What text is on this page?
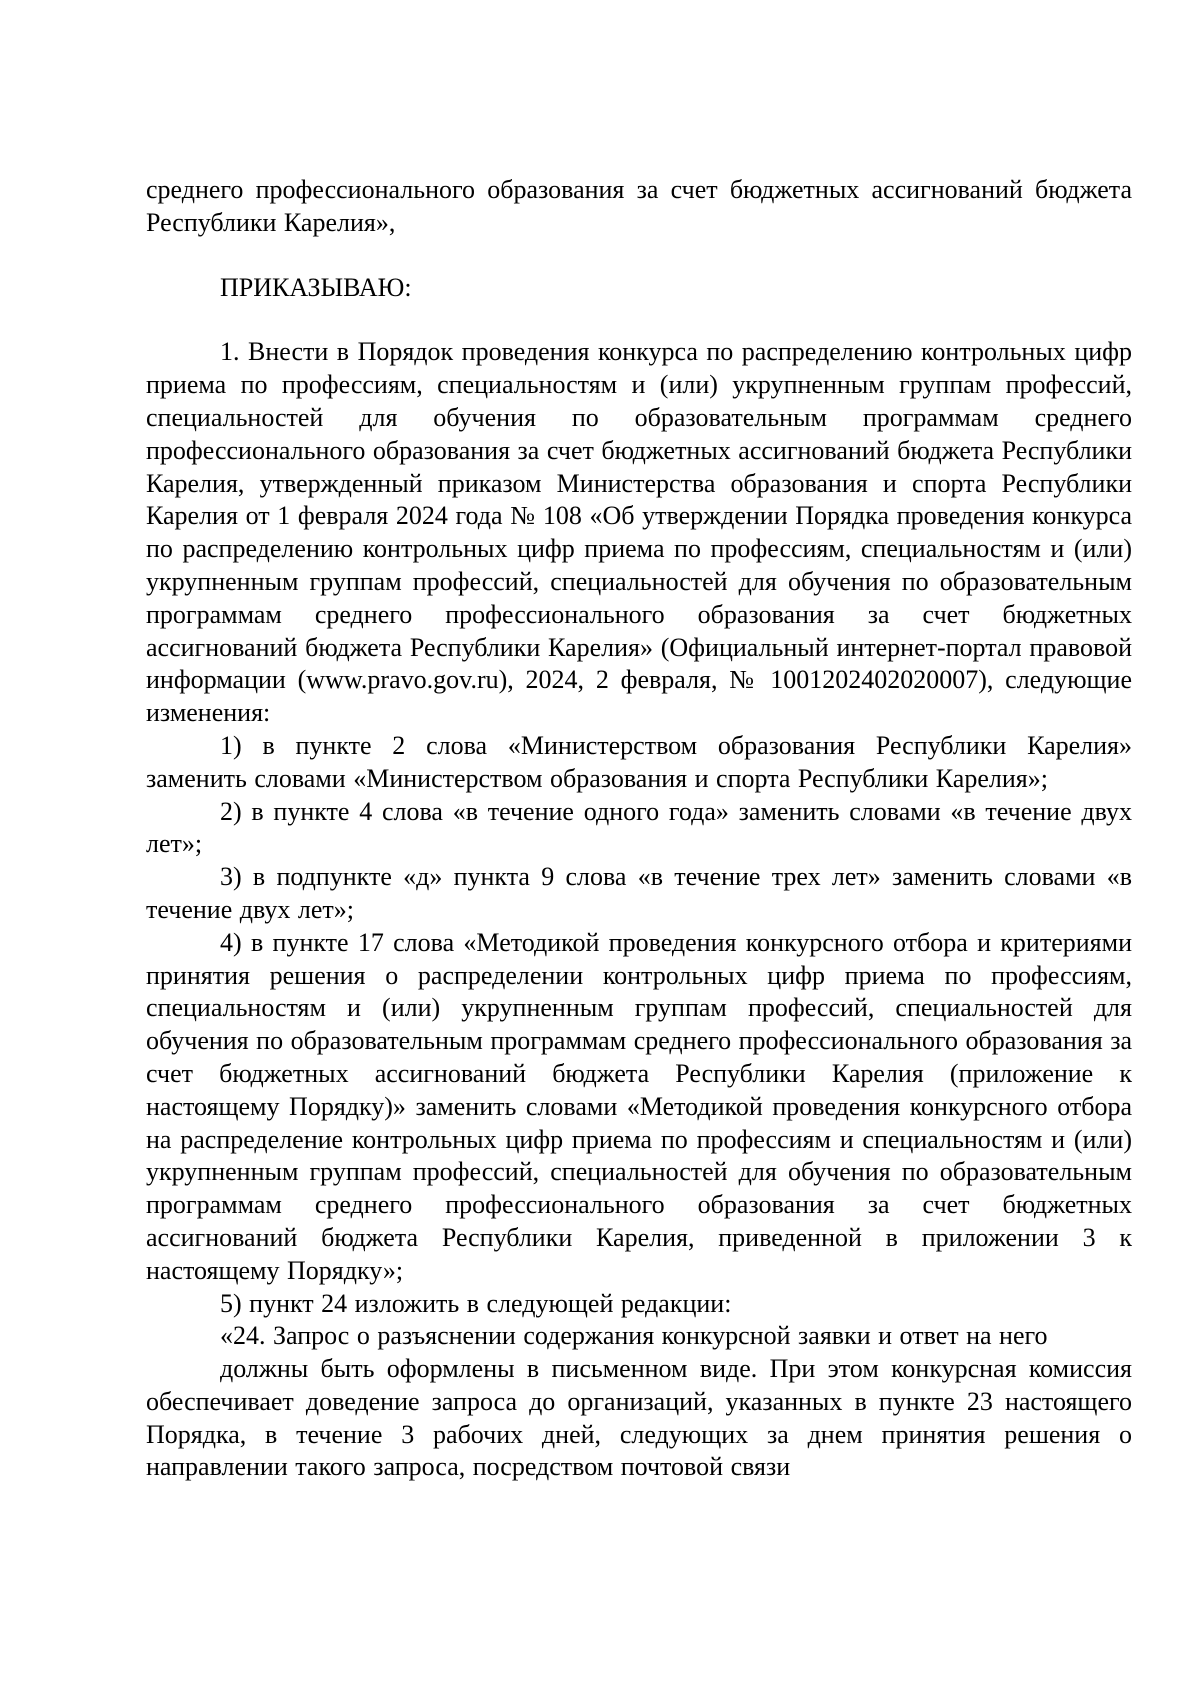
среднего профессионального образования за счет бюджетных ассигнований бюджета Республики Карелия»,

ПРИКАЗЫВАЮ:

1. Внести в Порядок проведения конкурса по распределению контрольных цифр приема по профессиям, специальностям и (или) укрупненным группам профессий, специальностей для обучения по образовательным программам среднего профессионального образования за счет бюджетных ассигнований бюджета Республики Карелия, утвержденный приказом Министерства образования и спорта Республики Карелия от 1 февраля 2024 года № 108 «Об утверждении Порядка проведения конкурса по распределению контрольных цифр приема по профессиям, специальностям и (или) укрупненным группам профессий, специальностей для обучения по образовательным программам среднего профессионального образования за счет бюджетных ассигнований бюджета Республики Карелия» (Официальный интернет-портал правовой информации (www.pravo.gov.ru), 2024, 2 февраля, № 1001202402020007), следующие изменения:

1) в пункте 2 слова «Министерством образования Республики Карелия» заменить словами «Министерством образования и спорта Республики Карелия»;

2) в пункте 4 слова «в течение одного года» заменить словами «в течение двух лет»;

3) в подпункте «д» пункта 9 слова «в течение трех лет» заменить словами «в течение двух лет»;

4) в пункте 17 слова «Методикой проведения конкурсного отбора и критериями принятия решения о распределении контрольных цифр приема по профессиям, специальностям и (или) укрупненным группам профессий, специальностей для обучения по образовательным программам среднего профессионального образования за счет бюджетных ассигнований бюджета Республики Карелия (приложение к настоящему Порядку)» заменить словами «Методикой проведения конкурсного отбора на распределение контрольных цифр приема по профессиям и специальностям и (или) укрупненным группам профессий, специальностей для обучения по образовательным программам среднего профессионального образования за счет бюджетных ассигнований бюджета Республики Карелия, приведенной в приложении 3 к настоящему Порядку»;

5) пункт 24 изложить в следующей редакции:

«24. Запрос о разъяснении содержания конкурсной заявки и ответ на него

должны быть оформлены в письменном виде. При этом конкурсная комиссия обеспечивает доведение запроса до организаций, указанных в пункте 23 настоящего Порядка, в течение 3 рабочих дней, следующих за днем принятия решения о направлении такого запроса, посредством почтовой связи
